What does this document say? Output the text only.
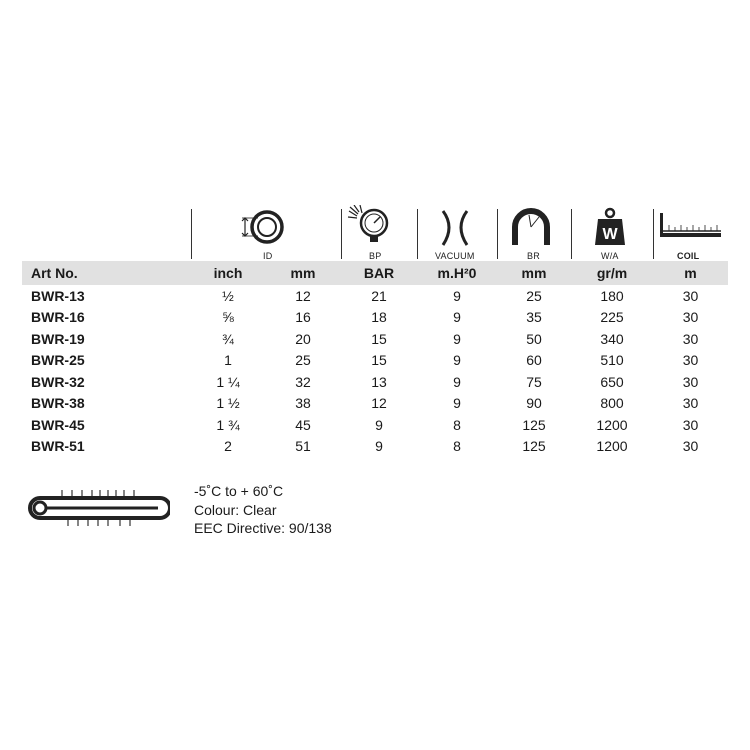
ID	BP	VACUUM	BR
W
W/A	COIL
Art No.	inch	mm	BAR	m.H²0	mm	gr/m	m
BWR-13	½	12	21	9	25	180	30
BWR-16	⅝	16	18	9	35	225	30
BWR-19	¾	20	15	9	50	340	30
BWR-25	1	25	15	9	60	510	30
BWR-32	1 ¼	32	13	9	75	650	30
BWR-38	1 ½	38	12	9	90	800	30
BWR-45	1 ¾	45	9	8	125	1200	30
BWR-51	2	51	9	8	125	1200	30
-5˚C to + 60˚C
Colour: Clear
EEC Directive: 90/138
